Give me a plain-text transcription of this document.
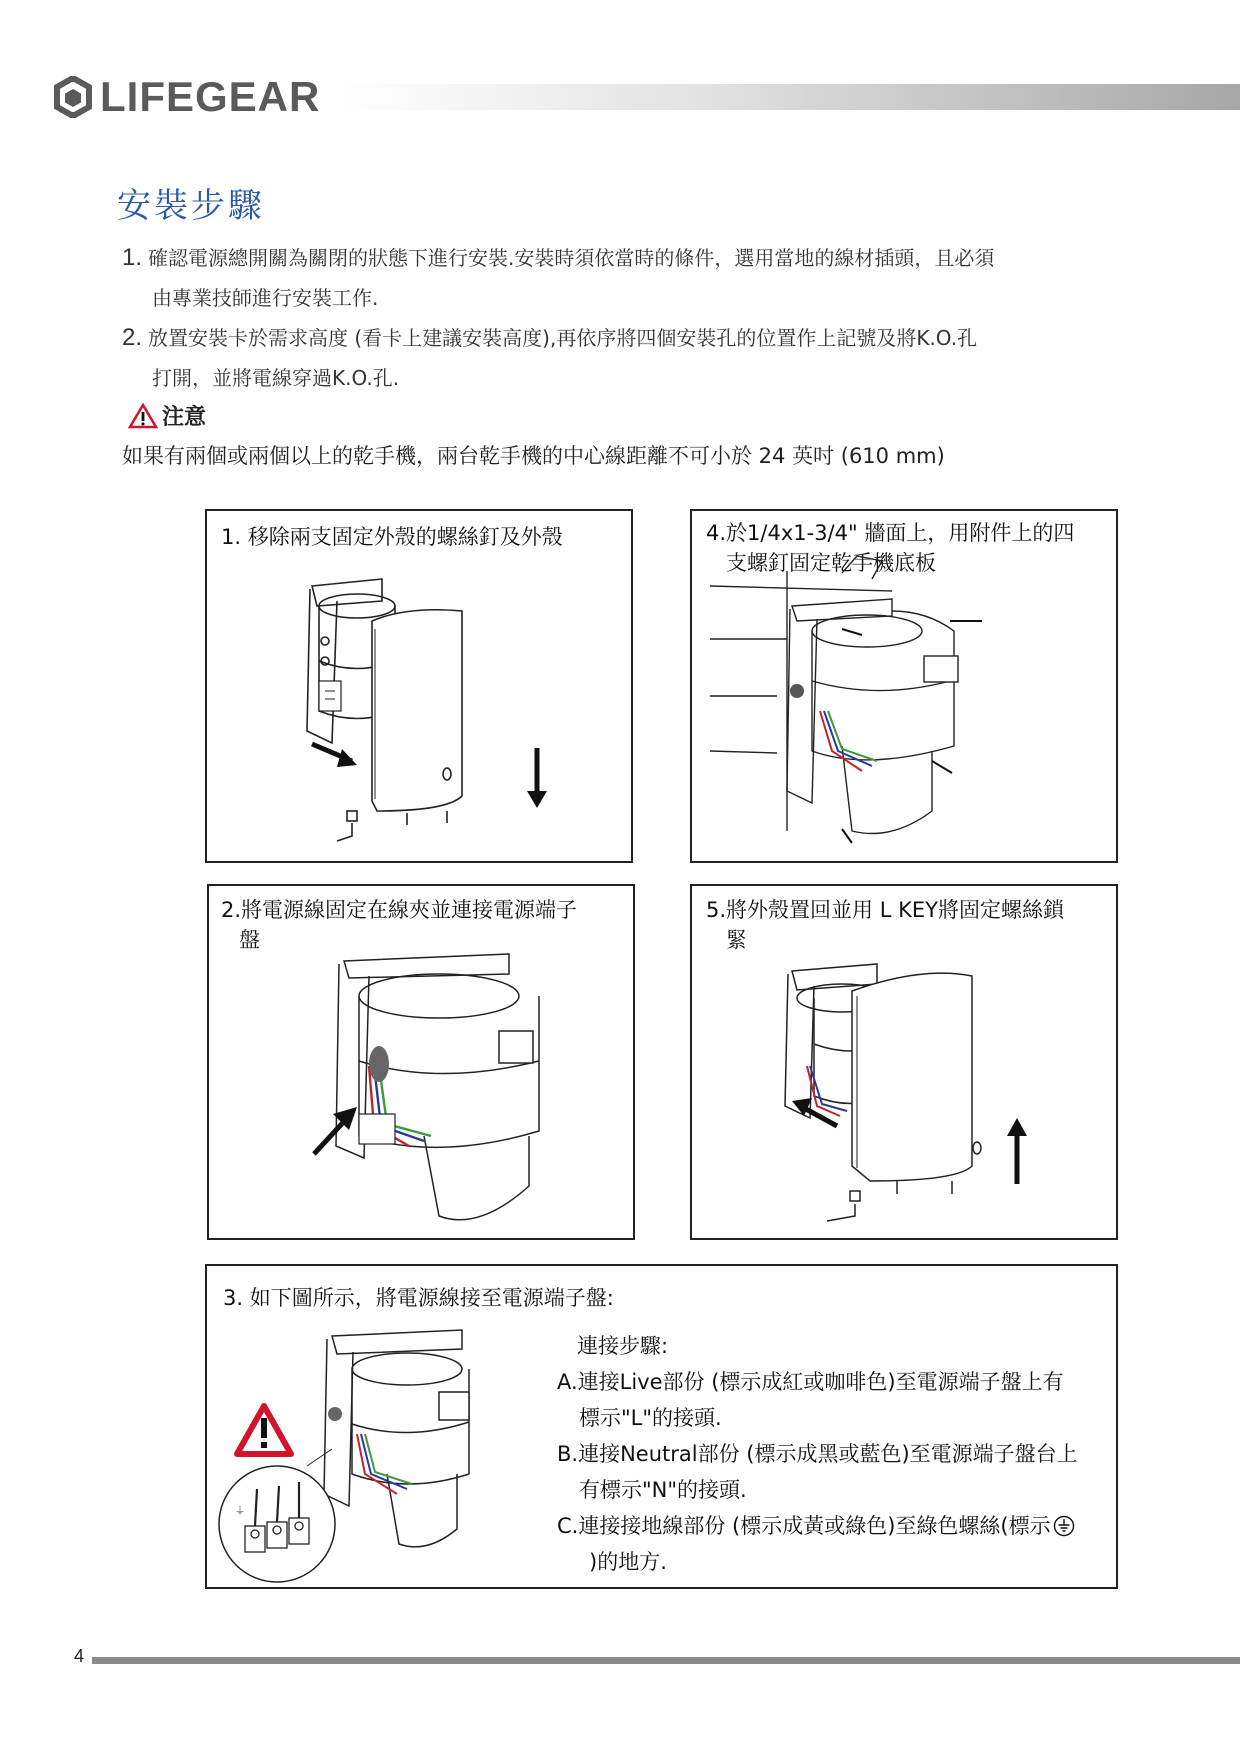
LIFEGEAR
安裝步驟
1. 確認電源總開關為關閉的狀態下進行安裝.安裝時須依當時的條件，選用當地的線材插頭，且必須
由專業技師進行安裝工作.
2. 放置安裝卡於需求高度 (看卡上建議安裝高度),再依序將四個安裝孔的位置作上記號及將K.O.孔
打開，並將電線穿過K.O.孔.
注意
如果有兩個或兩個以上的乾手機，兩台乾手機的中心線距離不可小於 24 英吋 (610 mm)
1. 移除兩支固定外殼的螺絲釘及外殼	4.於1/4x1-3/4" 牆面上，用附件上的四
支螺釘固定乾手機底板
2.將電源線固定在線夾並連接電源端子
盤
5.將外殼置回並用 L KEY將固定螺絲鎖
緊
3. 如下圖所示，將電源線接至電源端子盤:
⏚
連接步驟:
A.連接Live部份 (標示成紅或咖啡色)至電源端子盤上有
標示"L"的接頭.
B.連接Neutral部份 (標示成黑或藍色)至電源端子盤台上
有標示"N"的接頭.
C.連接接地線部份 (標示成黃或綠色)至綠色螺絲(標示
)的地方.
4
